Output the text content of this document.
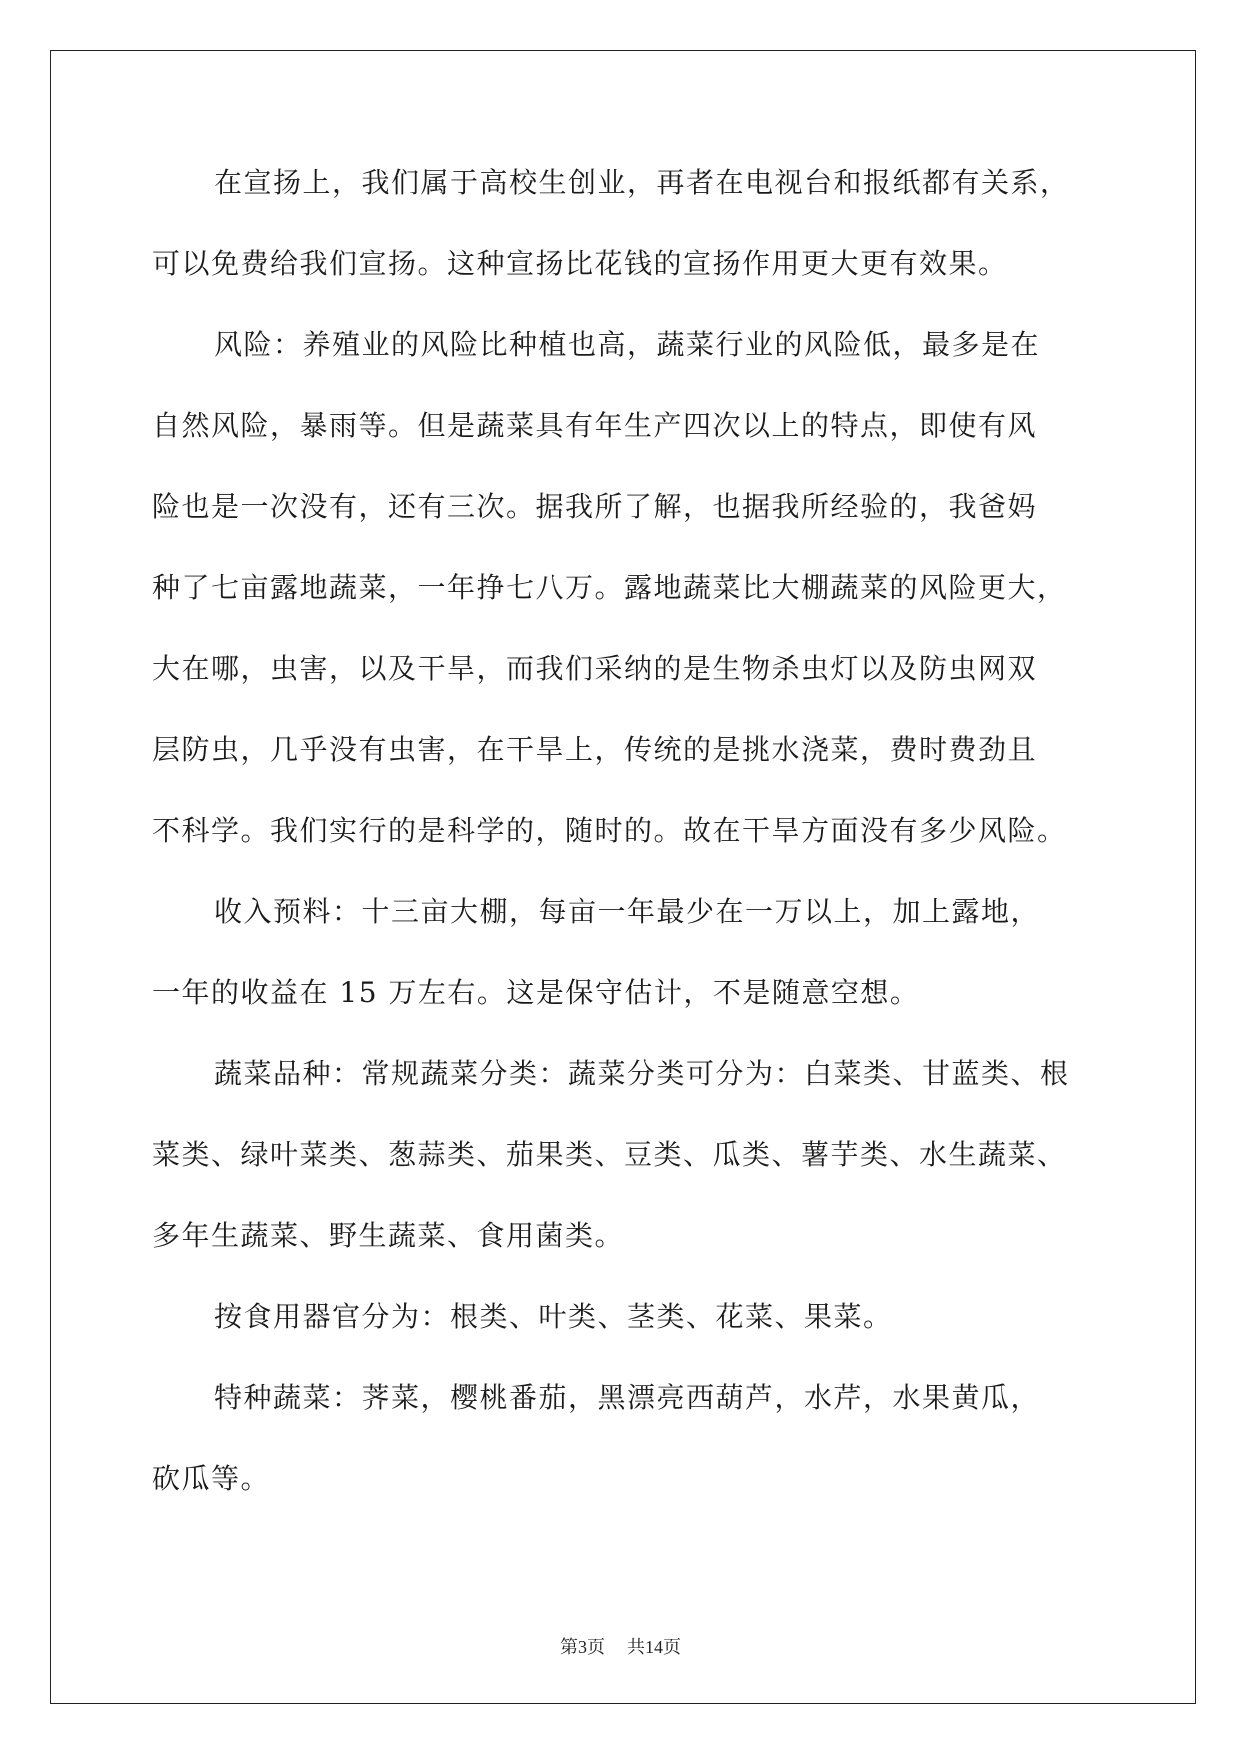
在宣扬上，我们属于高校生创业，再者在电视台和报纸都有关系，
可以免费给我们宣扬。这种宣扬比花钱的宣扬作用更大更有效果。
风险：养殖业的风险比种植也高，蔬菜行业的风险低，最多是在
自然风险，暴雨等。但是蔬菜具有年生产四次以上的特点，即使有风
险也是一次没有，还有三次。据我所了解，也据我所经验的，我爸妈
种了七亩露地蔬菜，一年挣七八万。露地蔬菜比大棚蔬菜的风险更大，
大在哪，虫害，以及干旱，而我们采纳的是生物杀虫灯以及防虫网双
层防虫，几乎没有虫害，在干旱上，传统的是挑水浇菜，费时费劲且
不科学。我们实行的是科学的，随时的。故在干旱方面没有多少风险。
收入预料：十三亩大棚，每亩一年最少在一万以上，加上露地，
一年的收益在 15 万左右。这是保守估计，不是随意空想。
蔬菜品种：常规蔬菜分类：蔬菜分类可分为：白菜类、甘蓝类、根
菜类、绿叶菜类、葱蒜类、茄果类、豆类、瓜类、薯芋类、水生蔬菜、
多年生蔬菜、野生蔬菜、食用菌类。
按食用器官分为：根类、叶类、茎类、花菜、果菜。
特种蔬菜：荠菜，樱桃番茄，黑漂亮西葫芦，水芹，水果黄瓜，
砍瓜等。
第3页 共14页
